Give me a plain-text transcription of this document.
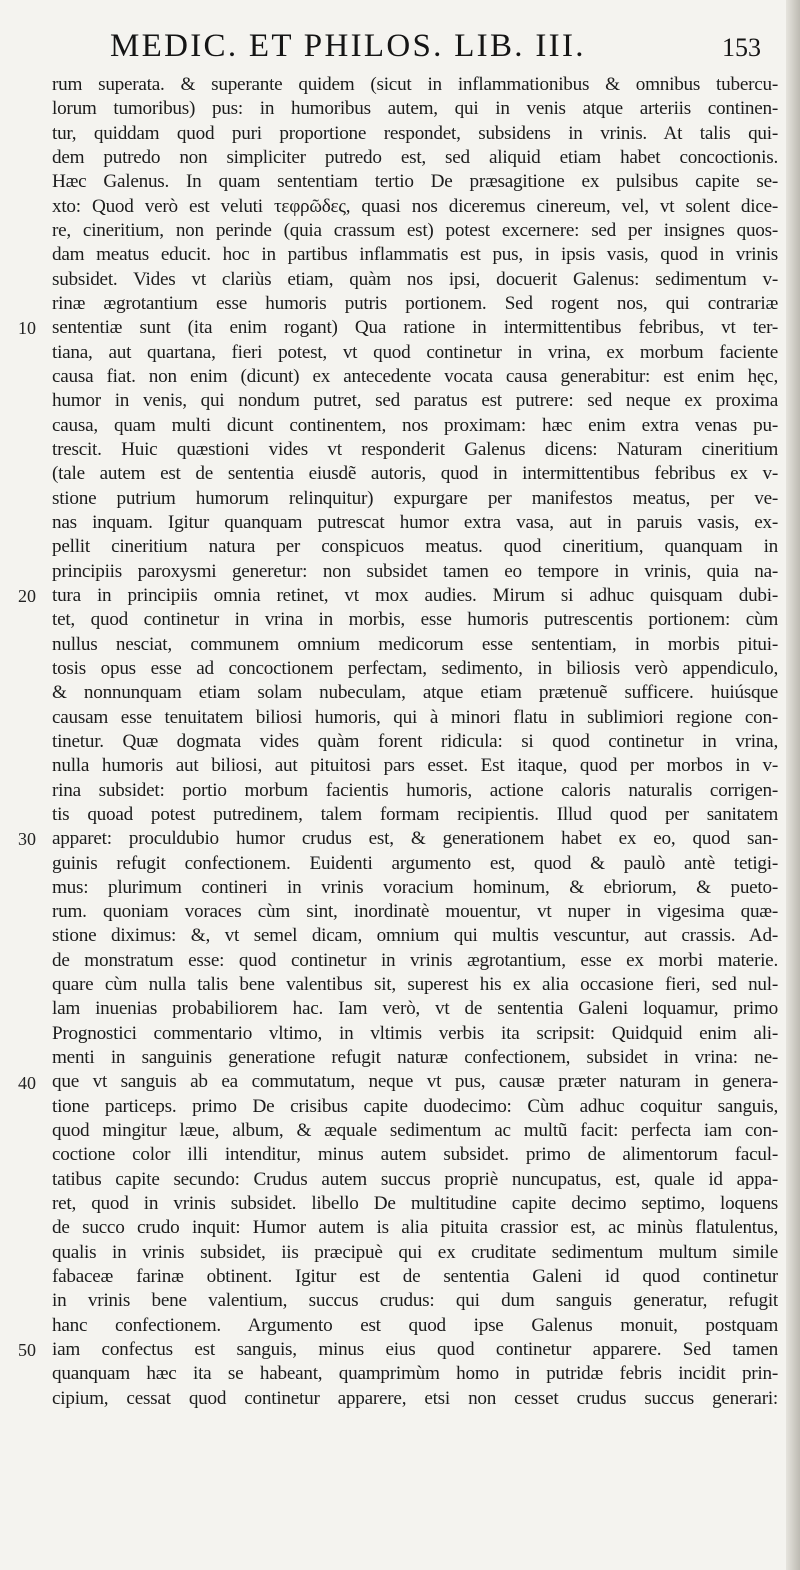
MEDIC. ET PHILOS. LIB. III.	153
rum superata. & superante quidem (sicut in inflammationibus & omnibus tubercu-
lorum tumoribus) pus: in humoribus autem, qui in venis atque arteriis continen-
tur, quiddam quod puri proportione respondet, subsidens in vrinis. At talis qui-
dem putredo non simpliciter putredo est, sed aliquid etiam habet concoctionis.
Hæc Galenus. In quam sententiam tertio De præsagitione ex pulsibus capite se-
xto: Quod verò est veluti τεφρῶδες, quasi nos diceremus cinereum, vel, vt solent dice-
re, cineritium, non perinde (quia crassum est) potest excernere: sed per insignes quos-
dam meatus educit. hoc in partibus inflammatis est pus, in ipsis vasis, quod in vrinis
subsidet. Vides vt clariùs etiam, quàm nos ipsi, docuerit Galenus: sedimentum v-
rinæ ægrotantium esse humoris putris portionem. Sed rogent nos, qui contrariæ
sententiæ sunt (ita enim rogant) Qua ratione in intermittentibus febribus, vt ter-
tiana, aut quartana, fieri potest, vt quod continetur in vrina, ex morbum faciente
causa fiat. non enim (dicunt) ex antecedente vocata causa generabitur: est enim hęc,
humor in venis, qui nondum putret, sed paratus est putrere: sed neque ex proxima
causa, quam multi dicunt continentem, nos proximam: hæc enim extra venas pu-
trescit. Huic quæstioni vides vt responderit Galenus dicens: Naturam cineritium
(tale autem est de sententia eiusdẽ autoris, quod in intermittentibus febribus ex v-
stione putrium humorum relinquitur) expurgare per manifestos meatus, per ve-
nas inquam. Igitur quanquam putrescat humor extra vasa, aut in paruis vasis, ex-
pellit cineritium natura per conspicuos meatus. quod cineritium, quanquam in
principiis paroxysmi generetur: non subsidet tamen eo tempore in vrinis, quia na-
tura in principiis omnia retinet, vt mox audies. Mirum si adhuc quisquam dubi-
tet, quod continetur in vrina in morbis, esse humoris putrescentis portionem: cùm
nullus nesciat, communem omnium medicorum esse sententiam, in morbis pitui-
tosis opus esse ad concoctionem perfectam, sedimento, in biliosis verò appendiculo,
& nonnunquam etiam solam nubeculam, atque etiam prætenuẽ sufficere. huiúsque
causam esse tenuitatem biliosi humoris, qui à minori flatu in sublimiori regione con-
tinetur. Quæ dogmata vides quàm forent ridicula: si quod continetur in vrina,
nulla humoris aut biliosi, aut pituitosi pars esset. Est itaque, quod per morbos in v-
rina subsidet: portio morbum facientis humoris, actione caloris naturalis corrigen-
tis quoad potest putredinem, talem formam recipientis. Illud quod per sanitatem
apparet: proculdubio humor crudus est, & generationem habet ex eo, quod san-
guinis refugit confectionem. Euidenti argumento est, quod & paulò antè tetigi-
mus: plurimum contineri in vrinis voracium hominum, & ebriorum, & pueto-
rum. quoniam voraces cùm sint, inordinatè mouentur, vt nuper in vigesima quæ-
stione diximus: &, vt semel dicam, omnium qui multis vescuntur, aut crassis. Ad-
de monstratum esse: quod continetur in vrinis ægrotantium, esse ex morbi materie.
quare cùm nulla talis bene valentibus sit, superest his ex alia occasione fieri, sed nul-
lam inuenias probabiliorem hac. Iam verò, vt de sententia Galeni loquamur, primo
Prognostici commentario vltimo, in vltimis verbis ita scripsit: Quidquid enim ali-
menti in sanguinis generatione refugit naturæ confectionem, subsidet in vrina: ne-
que vt sanguis ab ea commutatum, neque vt pus, causæ præter naturam in genera-
tione particeps. primo De crisibus capite duodecimo: Cùm adhuc coquitur sanguis,
quod mingitur læue, album, & æquale sedimentum ac multũ facit: perfecta iam con-
coctione color illi intenditur, minus autem subsidet. primo de alimentorum facul-
tatibus capite secundo: Crudus autem succus propriè nuncupatus, est, quale id appa-
ret, quod in vrinis subsidet. libello De multitudine capite decimo septimo, loquens
de succo crudo inquit: Humor autem is alia pituita crassior est, ac minùs flatulentus,
qualis in vrinis subsidet, iis præcipuè qui ex cruditate sedimentum multum simile
fabaceæ farinæ obtinent. Igitur est de sententia Galeni id quod continetur
in vrinis bene valentium, succus crudus: qui dum sanguis generatur, refugit
hanc confectionem. Argumento est quod ipse Galenus monuit, postquam
iam confectus est sanguis, minus eius quod continetur apparere. Sed tamen
quanquam hæc ita se habeant, quamprimùm homo in putridæ febris incidit prin-
cipium, cessat quod continetur apparere, etsi non cesset crudus succus generari:
10
20
30
40
50
